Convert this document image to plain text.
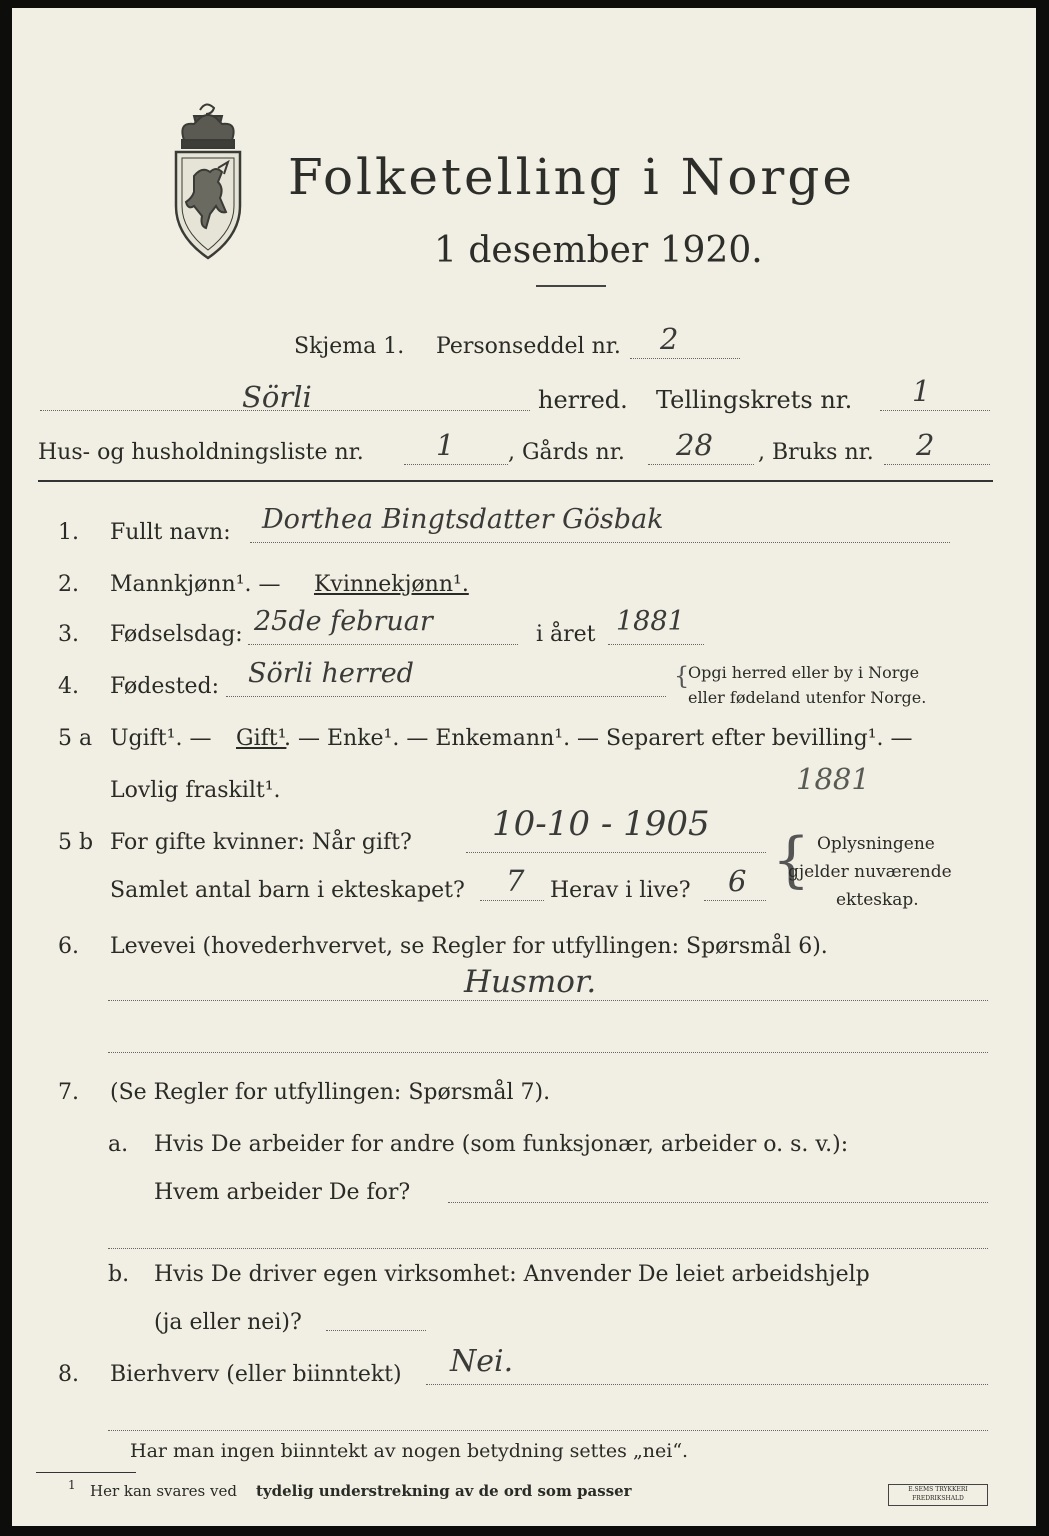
Folketelling i Norge
1 desember 1920.
Skjema 1. Personseddel nr. 2
Sörli	herred. Tellingskrets nr. 1
Hus- og husholdningsliste nr. 1 , Gårds nr. 28 , Bruks nr. 2
1. Fullt navn: Dorthea Bingtsdatter Gösbak
2. Mannkjønn¹. — Kvinnekjønn¹.
3. Fødselsdag: 25de februar	i året 1881
4. Fødested: Sörli herred	{
Opgi herred eller by i Norge
eller fødeland utenfor Norge.
5 a Ugift¹. — Gift¹
. — Enke¹. — Enkemann¹. — Separert efter bevilling¹. —
Lovlig fraskilt¹.	1881
5 b For gifte kvinner: Når gift? 10-10 - 1905
Samlet antal barn i ekteskapet? 7 Herav i live? 6 { Oplysningene
gjelder nuværende
ekteskap.
6. Levevei (hovederhvervet, se Regler for utfyllingen: Spørsmål 6).
Husmor.
7. (Se Regler for utfyllingen: Spørsmål 7).
a. Hvis De arbeider for andre (som funksjonær, arbeider o. s. v.):
Hvem arbeider De for?
b. Hvis De driver egen virksomhet: Anvender De leiet arbeidshjelp
(ja eller nei)?
8. Bierhverv (eller biinntekt) Nei.
Har man ingen biinntekt av nogen betydning settes „nei“.
1 Her kan svares ved tydelig understrekning av de ord som passer	E.SEMS TRYKKERI
FREDRIKSHALD
